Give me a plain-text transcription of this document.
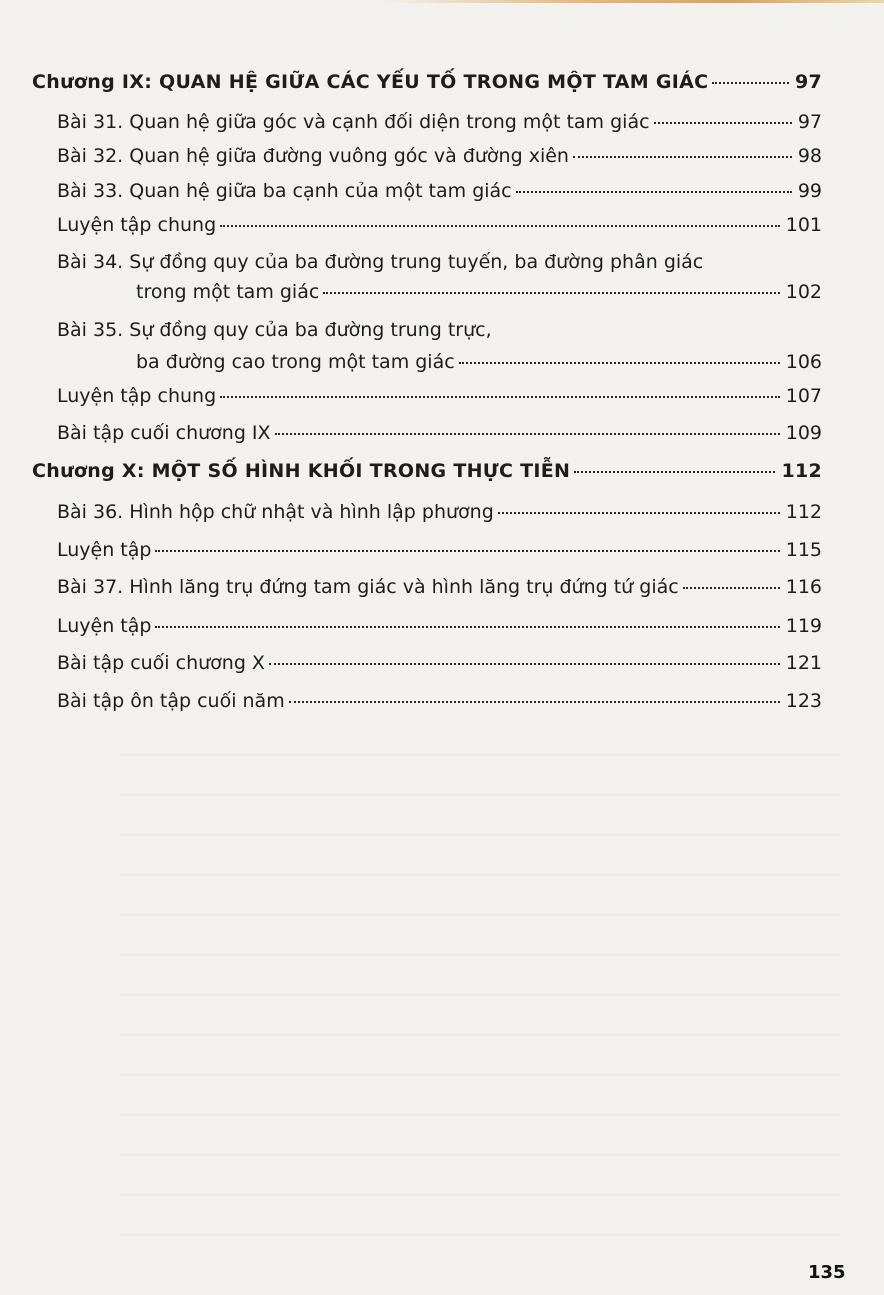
Chương IX: QUAN HỆ GIỮA CÁC YẾU TỐ TRONG MỘT TAM GIÁC	97
Bài 31. Quan hệ giữa góc và cạnh đối diện trong một tam giác	97
Bài 32. Quan hệ giữa đường vuông góc và đường xiên	98
Bài 33. Quan hệ giữa ba cạnh của một tam giác	99
Luyện tập chung	101
Bài 34. Sự đồng quy của ba đường trung tuyến, ba đường phân giác
trong một tam giác	102
Bài 35. Sự đồng quy của ba đường trung trực,
ba đường cao trong một tam giác	106
Luyện tập chung	107
Bài tập cuối chương IX	109
Chương X: MỘT SỐ HÌNH KHỐI TRONG THỰC TIỄN	112
Bài 36. Hình hộp chữ nhật và hình lập phương	112
Luyện tập	115
Bài 37. Hình lăng trụ đứng tam giác và hình lăng trụ đứng tứ giác	116
Luyện tập	119
Bài tập cuối chương X	121
Bài tập ôn tập cuối năm	123
135
